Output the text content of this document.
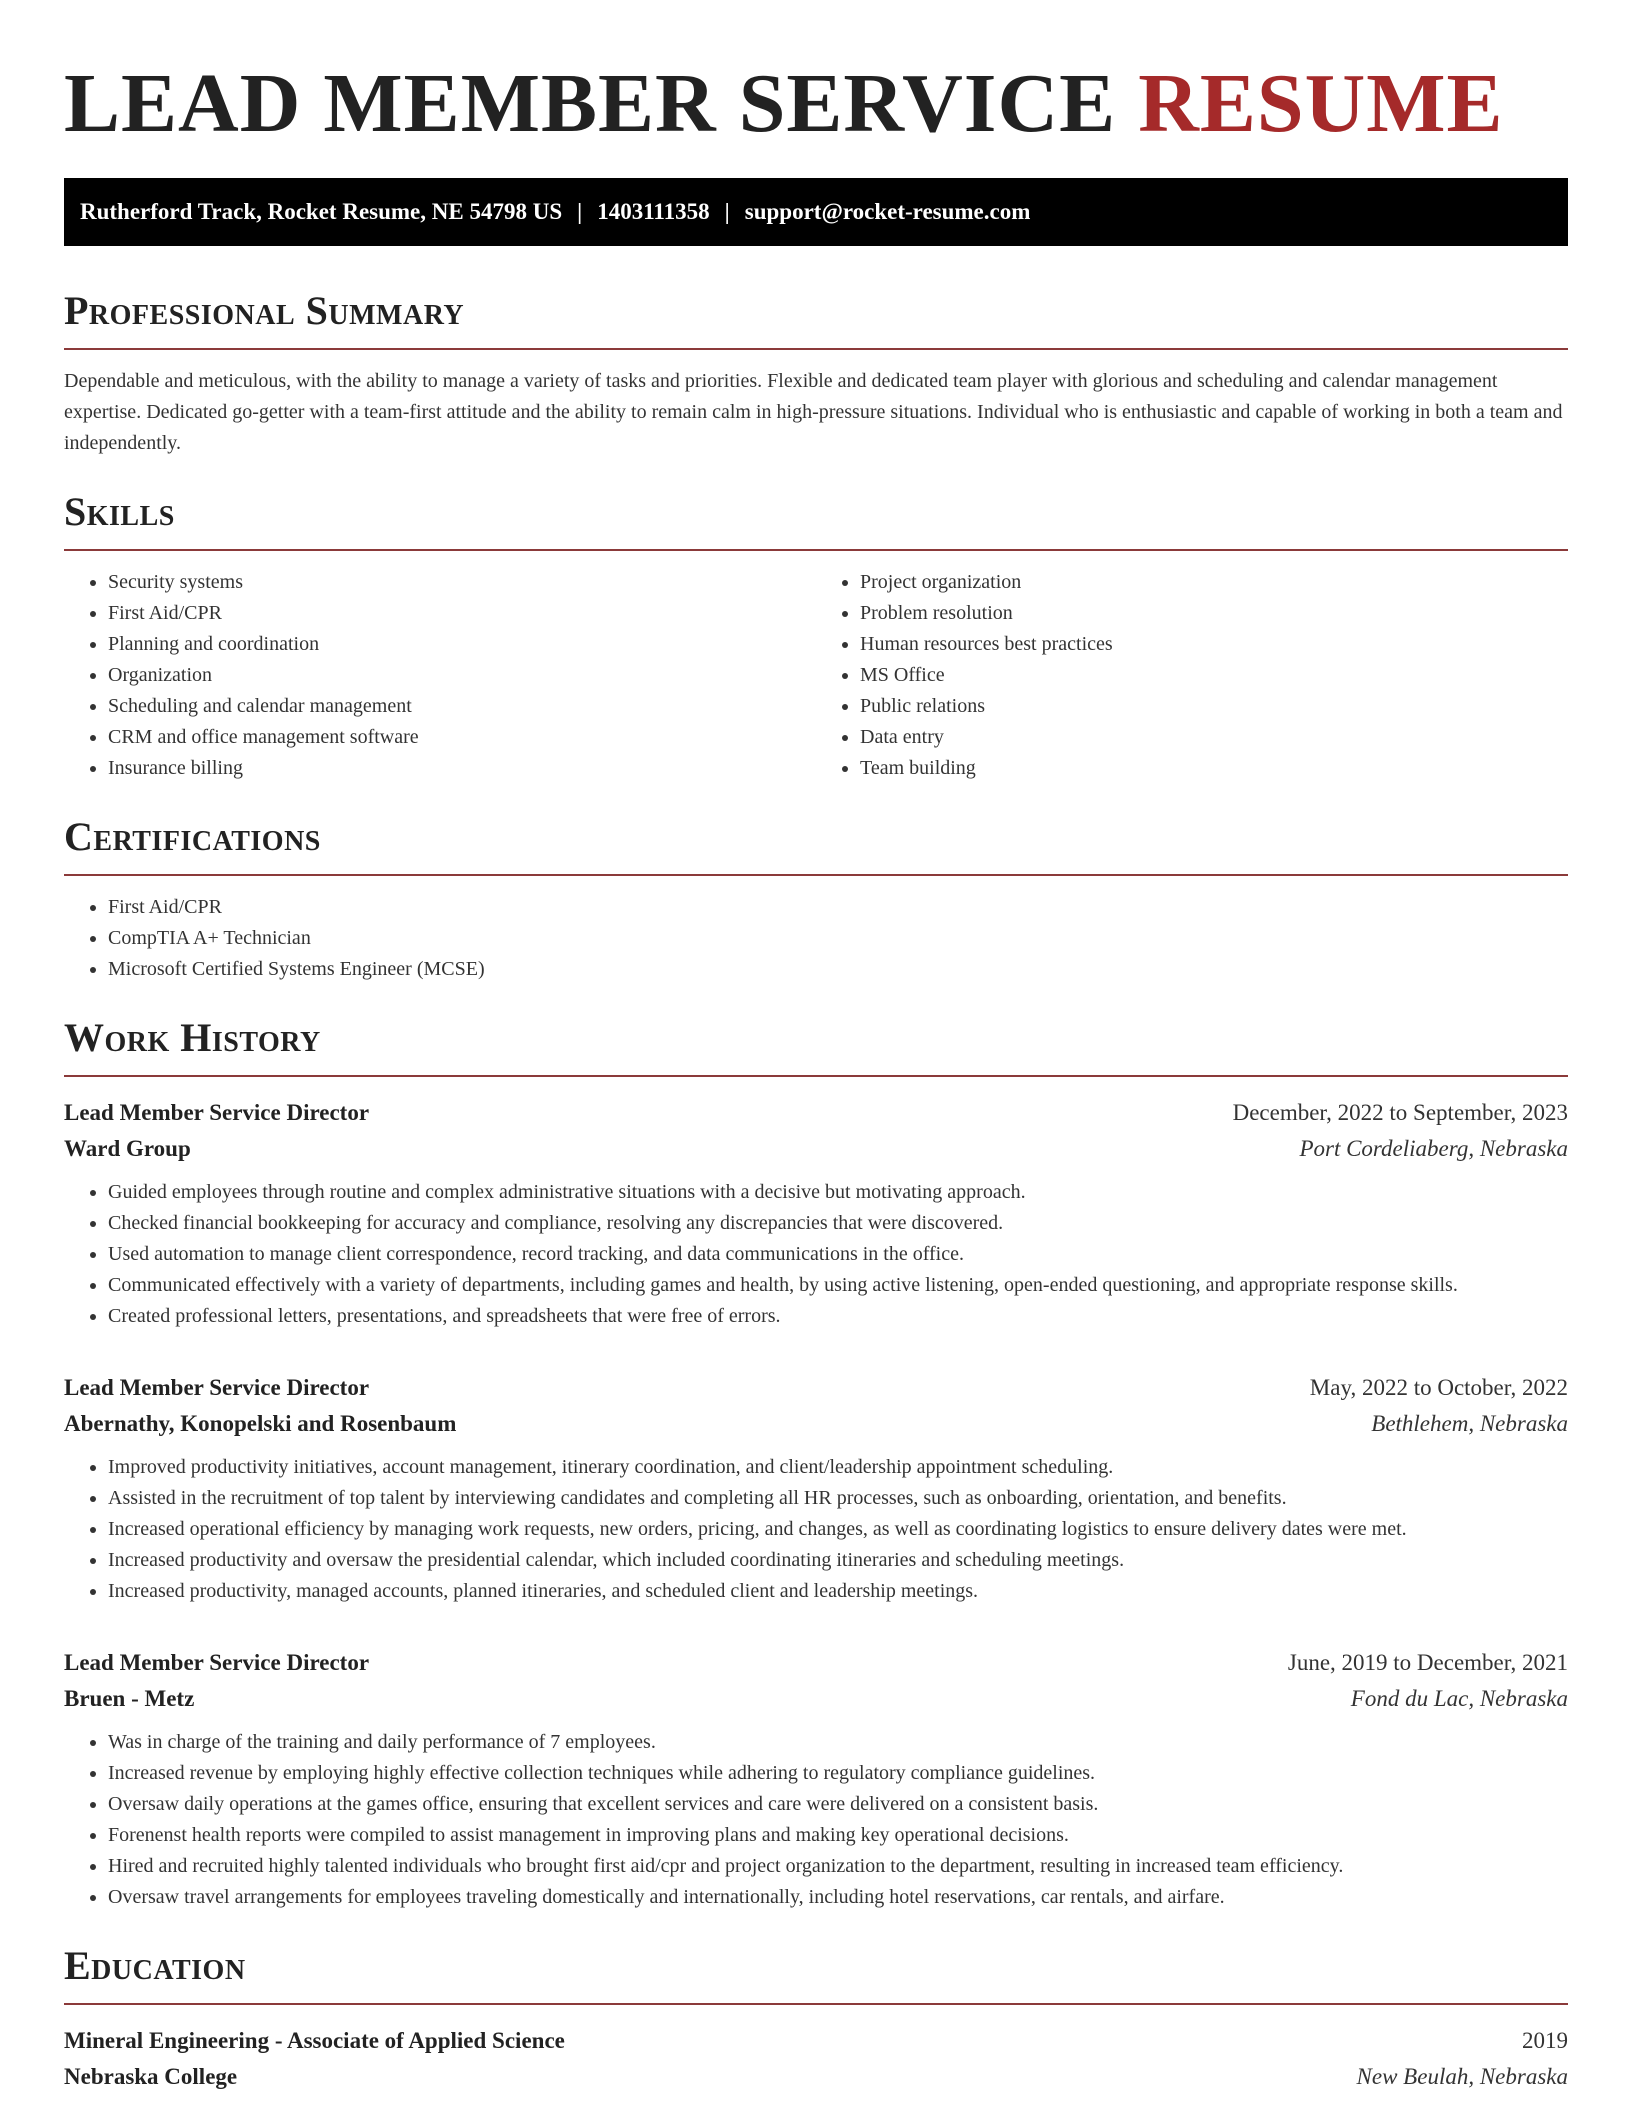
LEAD MEMBER SERVICE RESUME
Rutherford Track, Rocket Resume, NE 54798 US | 1403111358 | support@rocket-resume.com
Professional Summary

Dependable and meticulous, with the ability to manage a variety of tasks and priorities. Flexible and dedicated team player with glorious and scheduling and calendar management expertise. Dedicated go-getter with a team-first attitude and the ability to remain calm in high-pressure situations. Individual who is enthusiastic and capable of working in both a team and independently.

Skills
• Security systems
• First Aid/CPR
• Planning and coordination
• Organization
• Scheduling and calendar management
• CRM and office management software
• Insurance billing
• Project organization
• Problem resolution
• Human resources best practices
• MS Office
• Public relations
• Data entry
• Team building
Certifications
• First Aid/CPR
• CompTIA A+ Technician
• Microsoft Certified Systems Engineer (MCSE)
Work History
Lead Member Service Director	December, 2022 to September, 2023
Ward Group	Port Cordeliaberg, Nebraska
• Guided employees through routine and complex administrative situations with a decisive but motivating approach.
• Checked financial bookkeeping for accuracy and compliance, resolving any discrepancies that were discovered.
• Used automation to manage client correspondence, record tracking, and data communications in the office.
• Communicated effectively with a variety of departments, including games and health, by using active listening, open-ended questioning, and appropriate response skills.
• Created professional letters, presentations, and spreadsheets that were free of errors.
Lead Member Service Director	May, 2022 to October, 2022
Abernathy, Konopelski and Rosenbaum	Bethlehem, Nebraska
• Improved productivity initiatives, account management, itinerary coordination, and client/leadership appointment scheduling.
• Assisted in the recruitment of top talent by interviewing candidates and completing all HR processes, such as onboarding, orientation, and benefits.
• Increased operational efficiency by managing work requests, new orders, pricing, and changes, as well as coordinating logistics to ensure delivery dates were met.
• Increased productivity and oversaw the presidential calendar, which included coordinating itineraries and scheduling meetings.
• Increased productivity, managed accounts, planned itineraries, and scheduled client and leadership meetings.
Lead Member Service Director	June, 2019 to December, 2021
Bruen - Metz	Fond du Lac, Nebraska
• Was in charge of the training and daily performance of 7 employees.
• Increased revenue by employing highly effective collection techniques while adhering to regulatory compliance guidelines.
• Oversaw daily operations at the games office, ensuring that excellent services and care were delivered on a consistent basis.
• Forenenst health reports were compiled to assist management in improving plans and making key operational decisions.
• Hired and recruited highly talented individuals who brought first aid/cpr and project organization to the department, resulting in increased team efficiency.
• Oversaw travel arrangements for employees traveling domestically and internationally, including hotel reservations, car rentals, and airfare.
Education
Mineral Engineering - Associate of Applied Science	2019
Nebraska College	New Beulah, Nebraska
